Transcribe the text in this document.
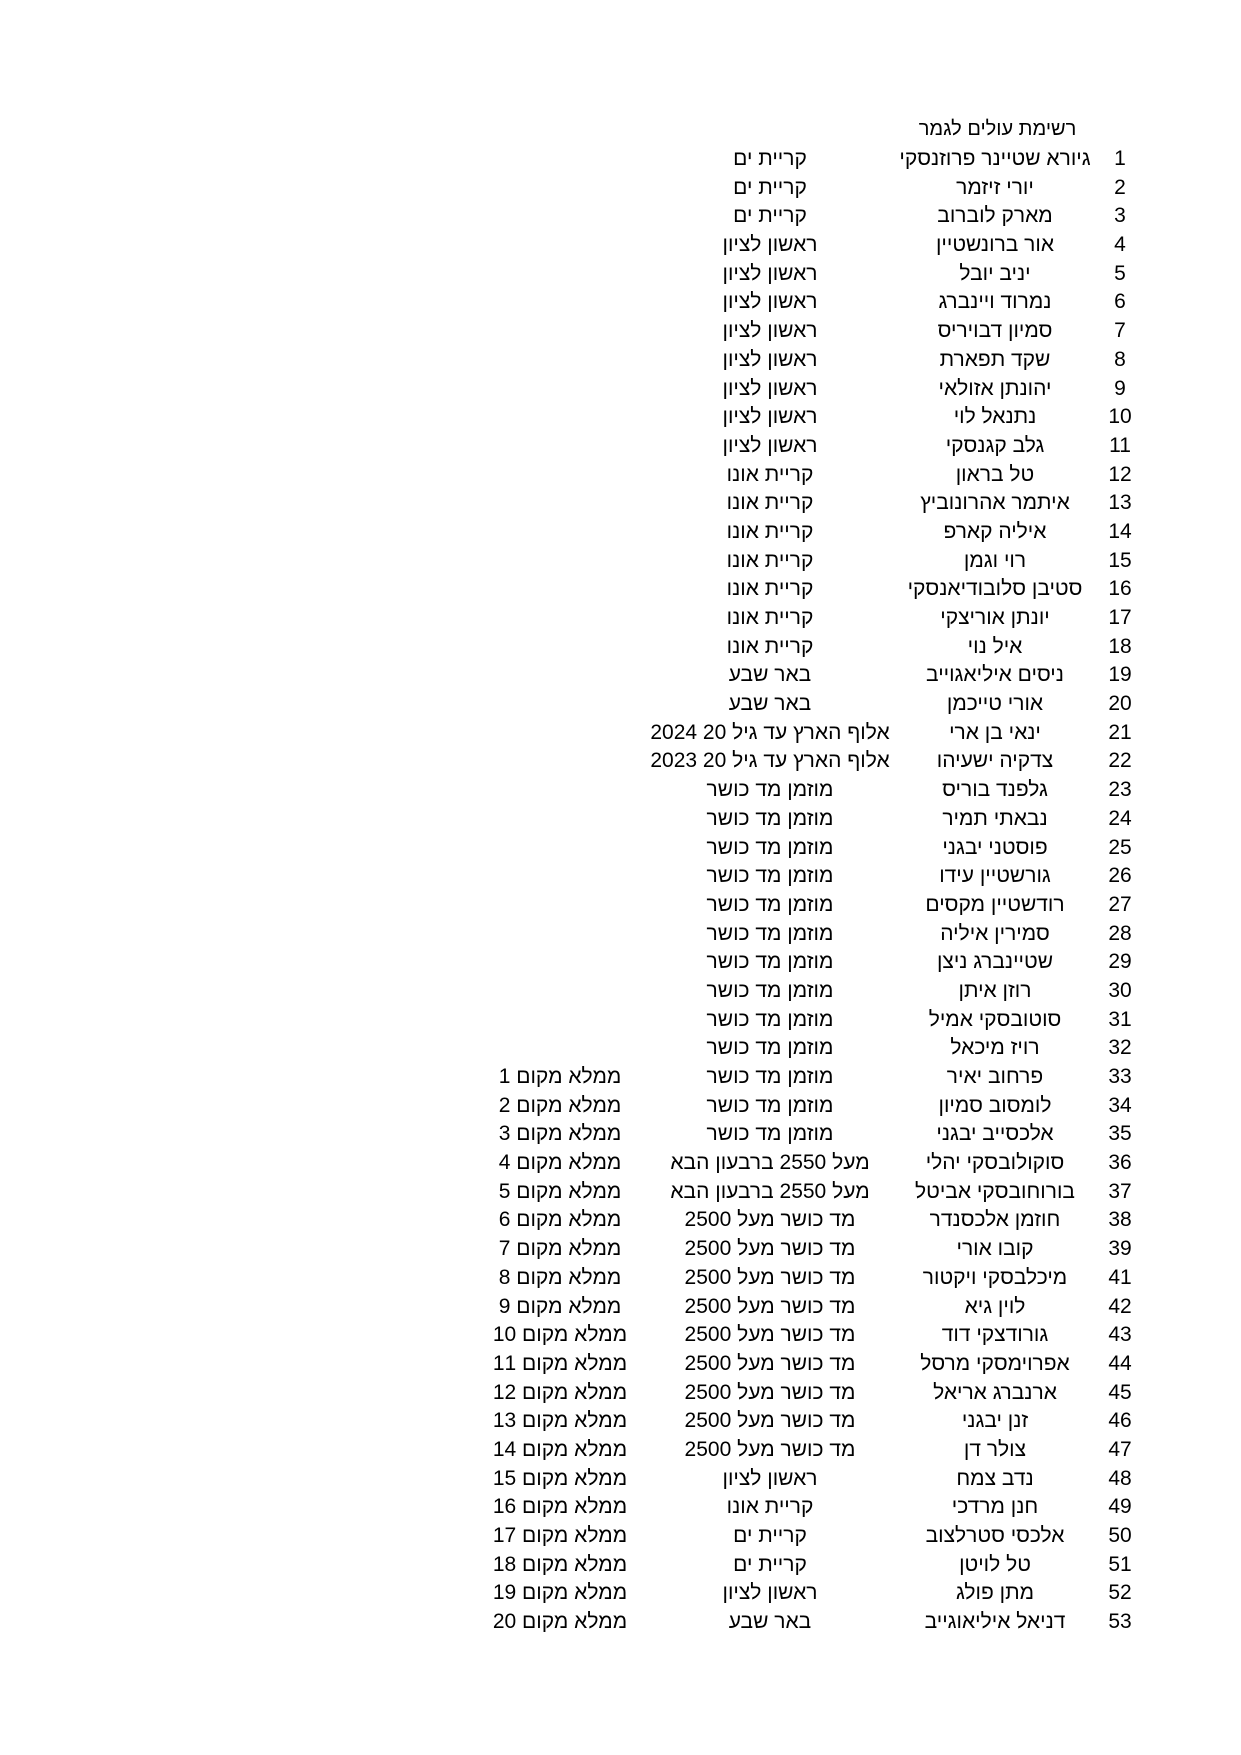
רשימת עולים לגמר
1
גיורא שטיינר פרוזנסקי
קריית ים
2
יורי זיזמר
קריית ים
3
מארק לוברוב
קריית ים
4
אור ברונשטיין
ראשון לציון
5
יניב יובל
ראשון לציון
6
נמרוד ויינברג
ראשון לציון
7
סמיון דבויריס
ראשון לציון
8
שקד תפארת
ראשון לציון
9
יהונתן אזולאי
ראשון לציון
10
נתנאל לוי
ראשון לציון
11
גלב קגנסקי
ראשון לציון
12
טל בראון
קריית אונו
13
איתמר אהרונוביץ
קריית אונו
14
איליה קארפ
קריית אונו
15
רוי וגמן
קריית אונו
16
סטיבן סלובודיאנסקי
קריית אונו
17
יונתן אוריצקי
קריית אונו
18
איל נוי
קריית אונו
19
ניסים איליאגוייב
באר שבע
20
אורי טייכמן
באר שבע
21
ינאי בן ארי
אלוף הארץ עד גיל 20 2024
22
צדקיה ישעיהו
אלוף הארץ עד גיל 20 2023
23
גלפנד בוריס
מוזמן מד כושר
24
נבאתי תמיר
מוזמן מד כושר
25
פוסטני יבגני
מוזמן מד כושר
26
גורשטיין עידו
מוזמן מד כושר
27
רודשטיין מקסים
מוזמן מד כושר
28
סמירין איליה
מוזמן מד כושר
29
שטיינברג ניצן
מוזמן מד כושר
30
רוזן איתן
מוזמן מד כושר
31
סוטובסקי אמיל
מוזמן מד כושר
32
רויז מיכאל
מוזמן מד כושר
33
פרחוב יאיר
מוזמן מד כושר
ממלא מקום 1
34
לומסוב סמיון
מוזמן מד כושר
ממלא מקום 2
35
אלכסייב יבגני
מוזמן מד כושר
ממלא מקום 3
36
סוקולובסקי יהלי
מעל 2550 ברבעון הבא
ממלא מקום 4
37
בורוחובסקי אביטל
מעל 2550 ברבעון הבא
ממלא מקום 5
38
חוזמן אלכסנדר
מד כושר מעל 2500
ממלא מקום 6
39
קובו אורי
מד כושר מעל 2500
ממלא מקום 7
41
מיכלבסקי ויקטור
מד כושר מעל 2500
ממלא מקום 8
42
לוין גיא
מד כושר מעל 2500
ממלא מקום 9
43
גורודצקי דוד
מד כושר מעל 2500
ממלא מקום 10
44
אפרוימסקי מרסל
מד כושר מעל 2500
ממלא מקום 11
45
ארנברג אריאל
מד כושר מעל 2500
ממלא מקום 12
46
זנן יבגני
מד כושר מעל 2500
ממלא מקום 13
47
צולר דן
מד כושר מעל 2500
ממלא מקום 14
48
נדב צמח
ראשון לציון
ממלא מקום 15
49
חנן מרדכי
קריית אונו
ממלא מקום 16
50
אלכסי סטרלצוב
קריית ים
ממלא מקום 17
51
טל לויטן
קריית ים
ממלא מקום 18
52
מתן פולג
ראשון לציון
ממלא מקום 19
53
דניאל איליאוגייב
באר שבע
ממלא מקום 20
